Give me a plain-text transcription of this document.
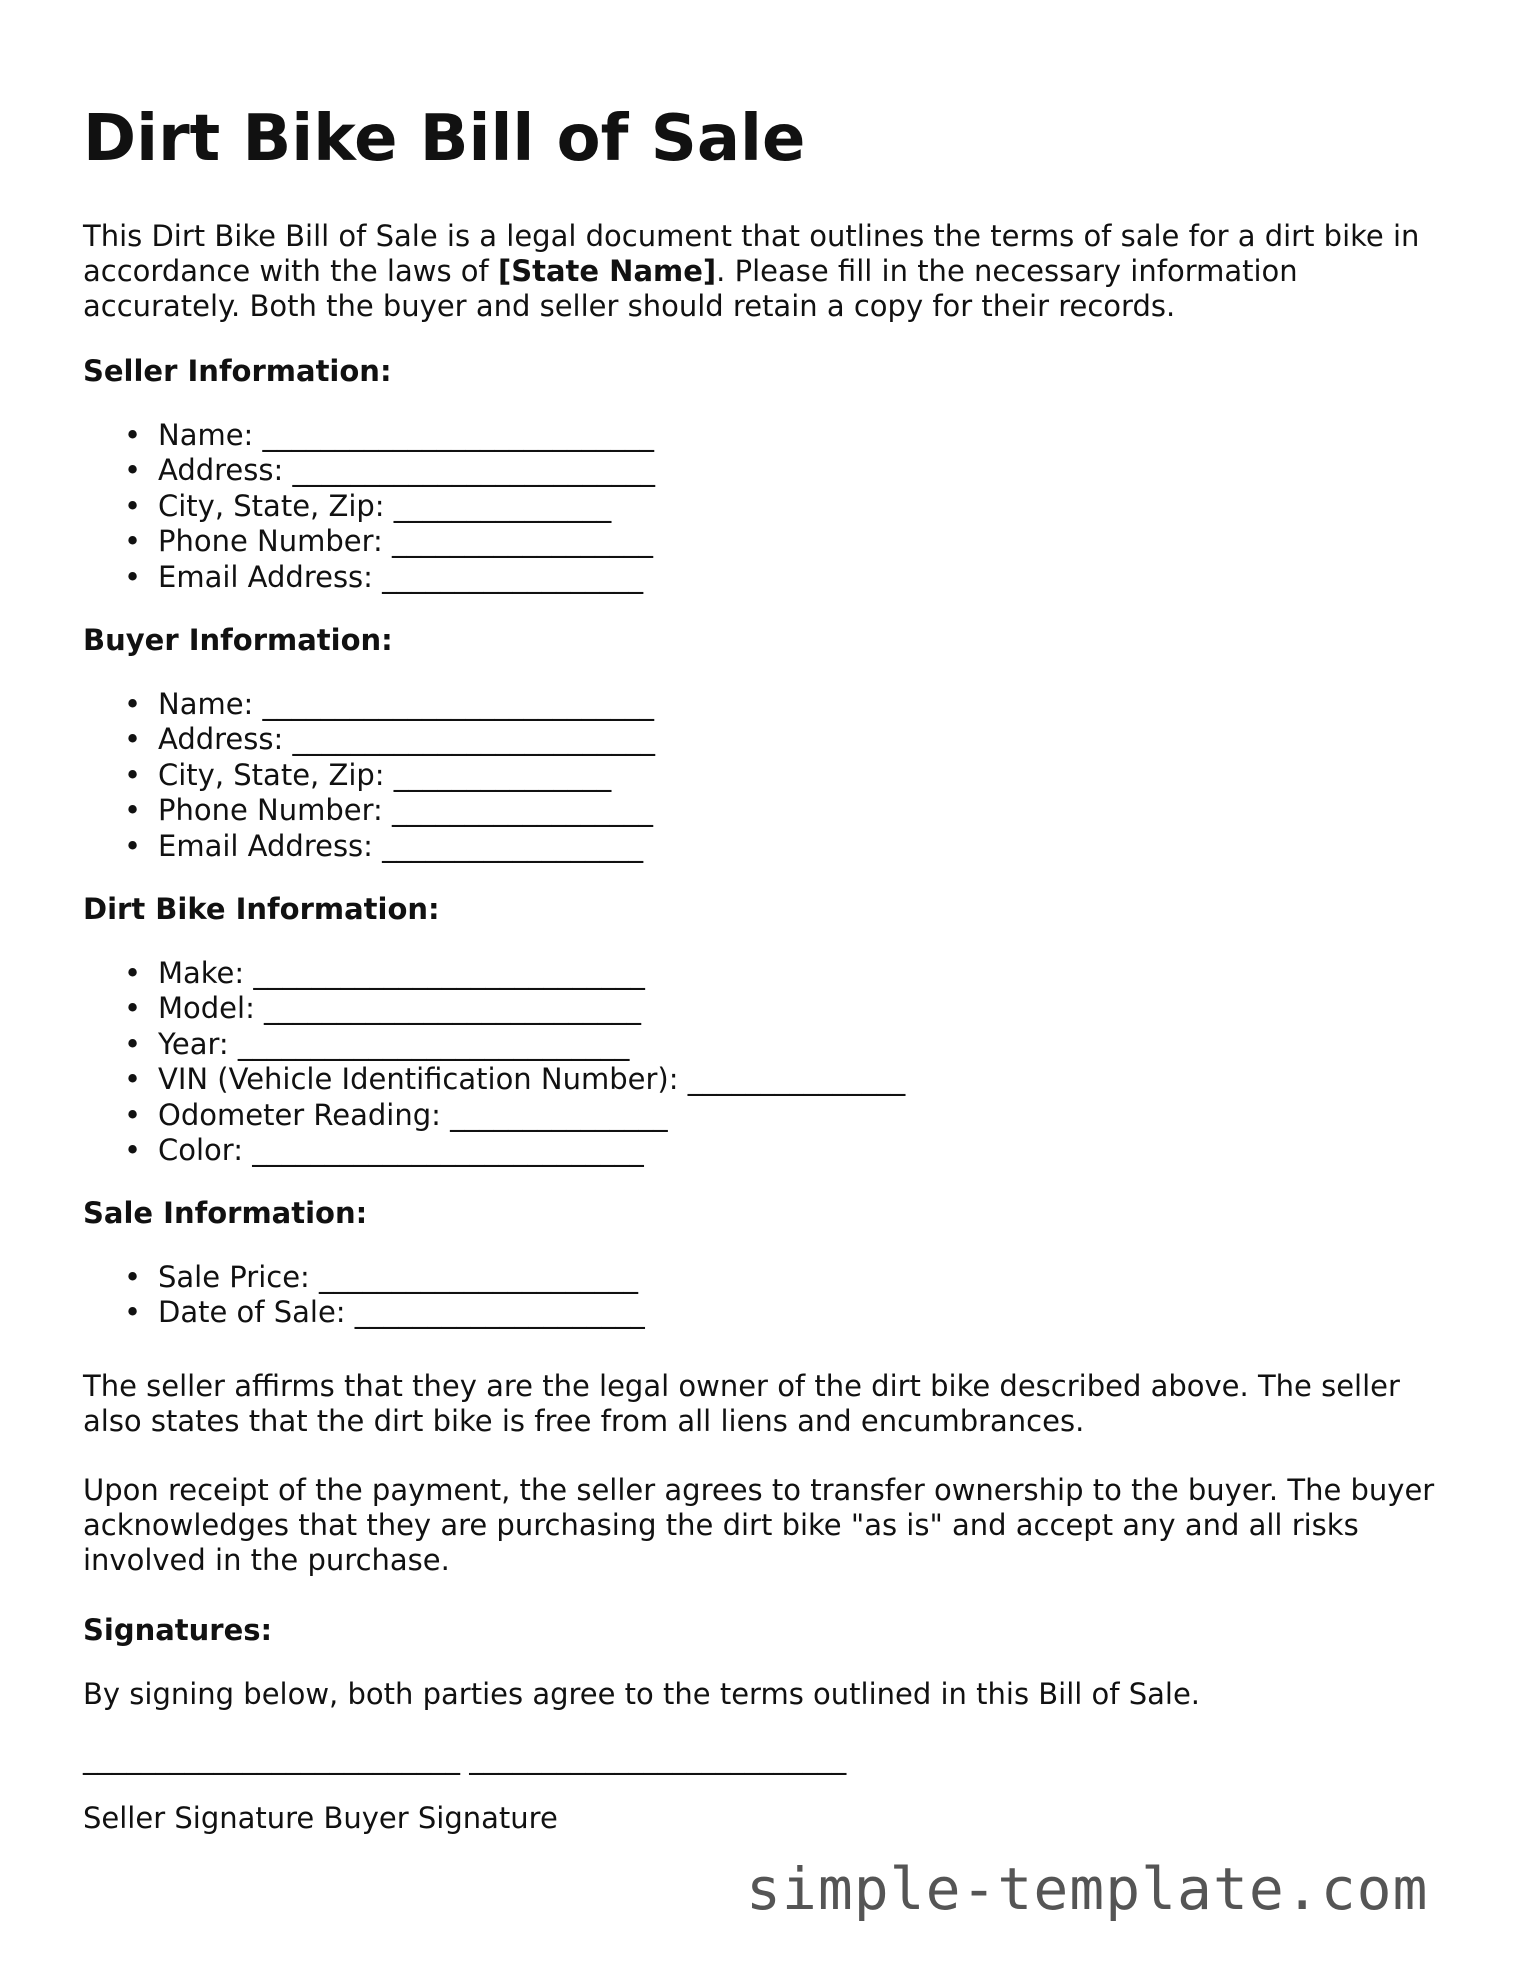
Dirt Bike Bill of Sale

This Dirt Bike Bill of Sale is a legal document that outlines the terms of sale for a dirt bike in accordance with the laws of [State Name]. Please fill in the necessary information accurately. Both the buyer and seller should retain a copy for their records.

Seller Information:
• Name: ___________________________
• Address: _________________________
• City, State, Zip: _______________
• Phone Number: __________________
• Email Address: __________________
Buyer Information:
• Name: ___________________________
• Address: _________________________
• City, State, Zip: _______________
• Phone Number: __________________
• Email Address: __________________
Dirt Bike Information:
• Make: ___________________________
• Model: __________________________
• Year: ___________________________
• VIN (Vehicle Identification Number): _______________
• Odometer Reading: _______________
• Color: ___________________________
Sale Information:
• Sale Price: ______________________
• Date of Sale: ____________________

The seller affirms that they are the legal owner of the dirt bike described above. The seller also states that the dirt bike is free from all liens and encumbrances.

Upon receipt of the payment, the seller agrees to transfer ownership to the buyer. The buyer acknowledges that they are purchasing the dirt bike "as is" and accept any and all risks involved in the purchase.

Signatures:

By signing below, both parties agree to the terms outlined in this Bill of Sale.

__________________________ __________________________
Seller Signature Buyer Signature
simple-template.com
